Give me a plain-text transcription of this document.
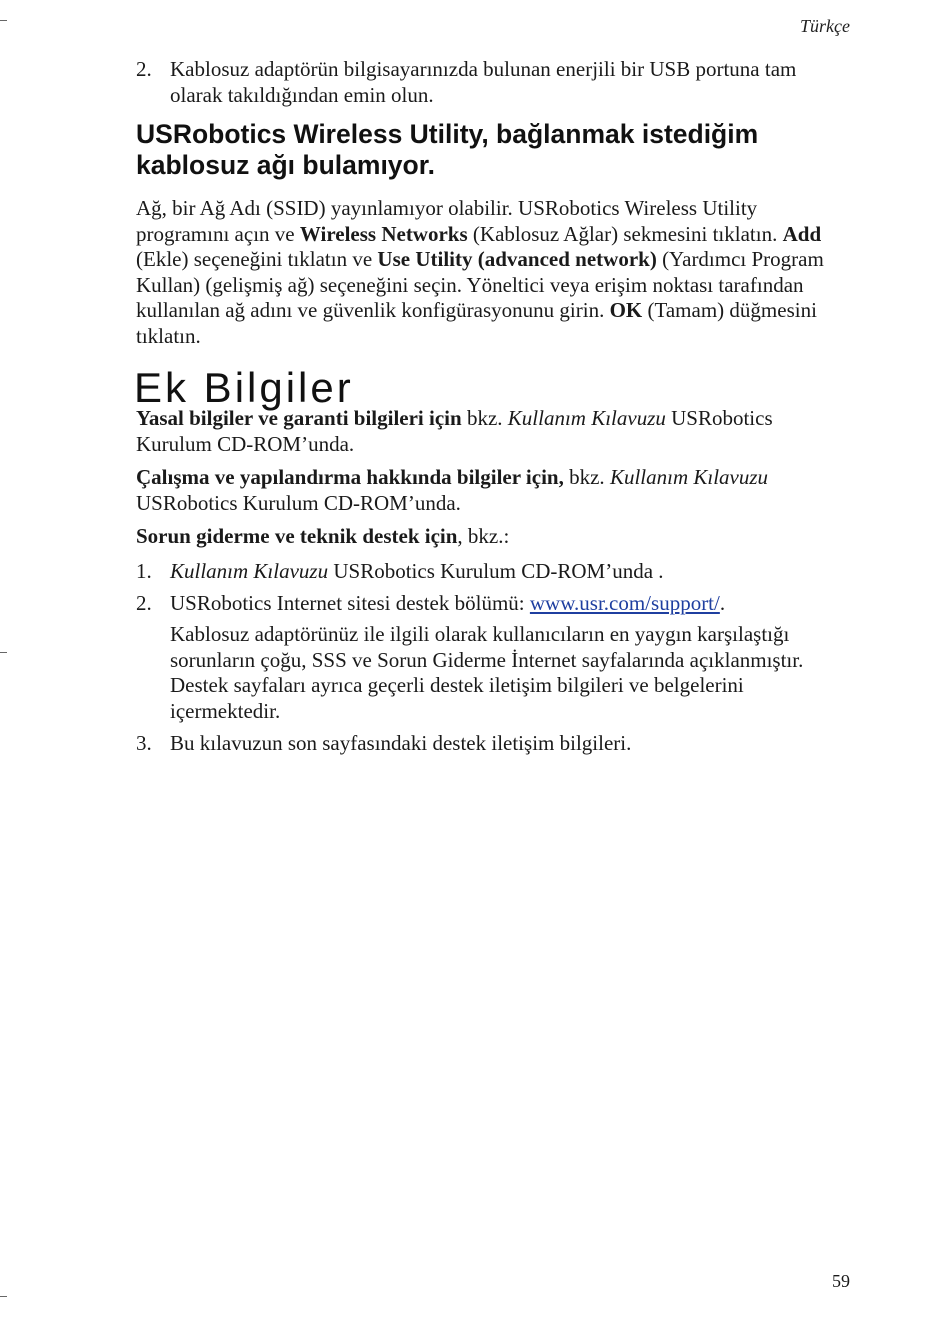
Türkçe
2. Kablosuz adaptörün bilgisayarınızda bulunan enerjili bir USB portuna tam olarak takıldığından emin olun.
USRobotics Wireless Utility, bağlanmak istediğim kablosuz ağı bulamıyor.
Ağ, bir Ağ Adı (SSID) yayınlamıyor olabilir. USRobotics Wireless Utility programını açın ve Wireless Networks (Kablosuz Ağlar) sekmesini tıklatın. Add (Ekle) seçeneğini tıklatın ve Use Utility (advanced network) (Yardımcı Program Kullan) (gelişmiş ağ) seçeneğini seçin. Yöneltici veya erişim noktası tarafından kullanılan ağ adını ve güvenlik konfigürasyonunu girin. OK (Tamam) düğmesini tıklatın.
Ek Bilgiler
Yasal bilgiler ve garanti bilgileri için bkz. Kullanım Kılavuzu USRobotics Kurulum CD-ROM’unda.
Çalışma ve yapılandırma hakkında bilgiler için, bkz. Kullanım Kılavuzu USRobotics Kurulum CD-ROM’unda.
Sorun giderme ve teknik destek için, bkz.:
1. Kullanım Kılavuzu USRobotics Kurulum CD-ROM’unda .
2. USRobotics Internet sitesi destek bölümü: www.usr.com/support/.
Kablosuz adaptörünüz ile ilgili olarak kullanıcıların en yaygın karşılaştığı sorunların çoğu, SSS ve Sorun Giderme İnternet sayfalarında açıklanmıştır. Destek sayfaları ayrıca geçerli destek iletişim bilgileri ve belgelerini içermektedir.
3. Bu kılavuzun son sayfasındaki destek iletişim bilgileri.
59
